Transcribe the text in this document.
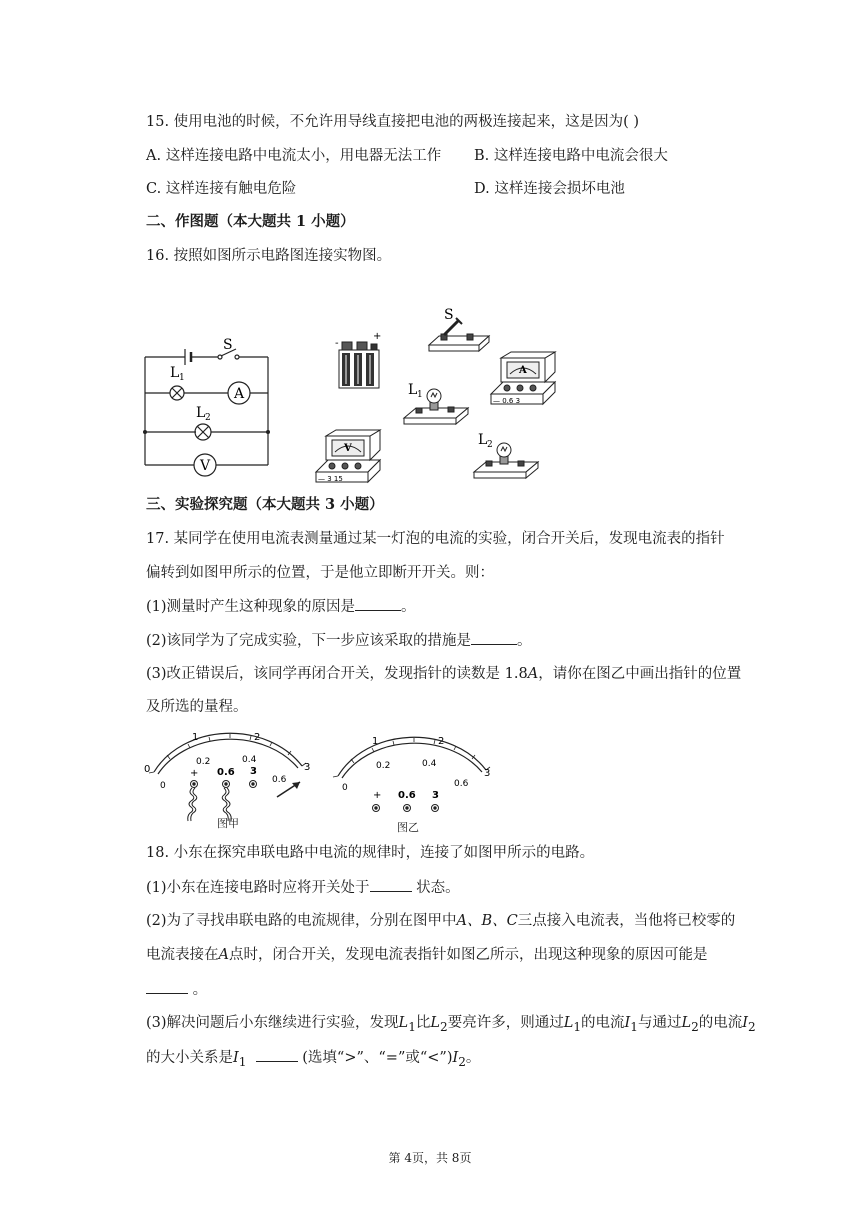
15. 使用电池的时候，不允许用导线直接把电池的两极连接起来，这是因为( )
A. 这样连接电路中电流太小，用电器无法工作 B. 这样连接电路中电流会很大
C. 这样连接有触电危险	D. 这样连接会损坏电池
二、作图题（本大题共 1 小题）
16. 按照如图所示电路图连接实物图。
S
L 1
A
L 2
V
+
-
S
A
— 0.6 3
L 1
V
— 3 15
L 2
三、实验探究题（本大题共 3 小题）
17. 某同学在使用电流表测量通过某一灯泡的电流的实验，闭合开关后，发现电流表的指针
偏转到如图甲所示的位置，于是他立即断开开关。则：
(1)测量时产生这种现象的原因是	。
(2)该同学为了完成实验，下一步应该采取的措施是	。
(3)改正错误后，该同学再闭合开关，发现指针的读数是 1.8A，请你在图乙中画出指针的位置
及所选的量程。
0
1	2
3
0
0.2	0.4
0.6
+ 0.6 3
图甲
1	2
3
0
0.2	0.4
0.6
+ 0.6 3
图乙
18. 小东在探究串联电路中电流的规律时，连接了如图甲所示的电路。
(1)小东在连接电路时应将开关处于	状态。
(2)为了寻找串联电路的电流规律，分别在图甲中A、B、C三点接入电流表，当他将已校零的
电流表接在A点时，闭合开关，发现电流表指针如图乙所示，出现这种现象的原因可能是
。
(3)解决问题后小东继续进行实验，发现$L_1$比$L_2$要亮许多，则通过$L_1$的电流$I_1$与通过$L_2$的电流$I_2$
的大小关系是$I_1$	(选填“>”、“=”或“$<”)I_2$。
第 4页，共 8页
